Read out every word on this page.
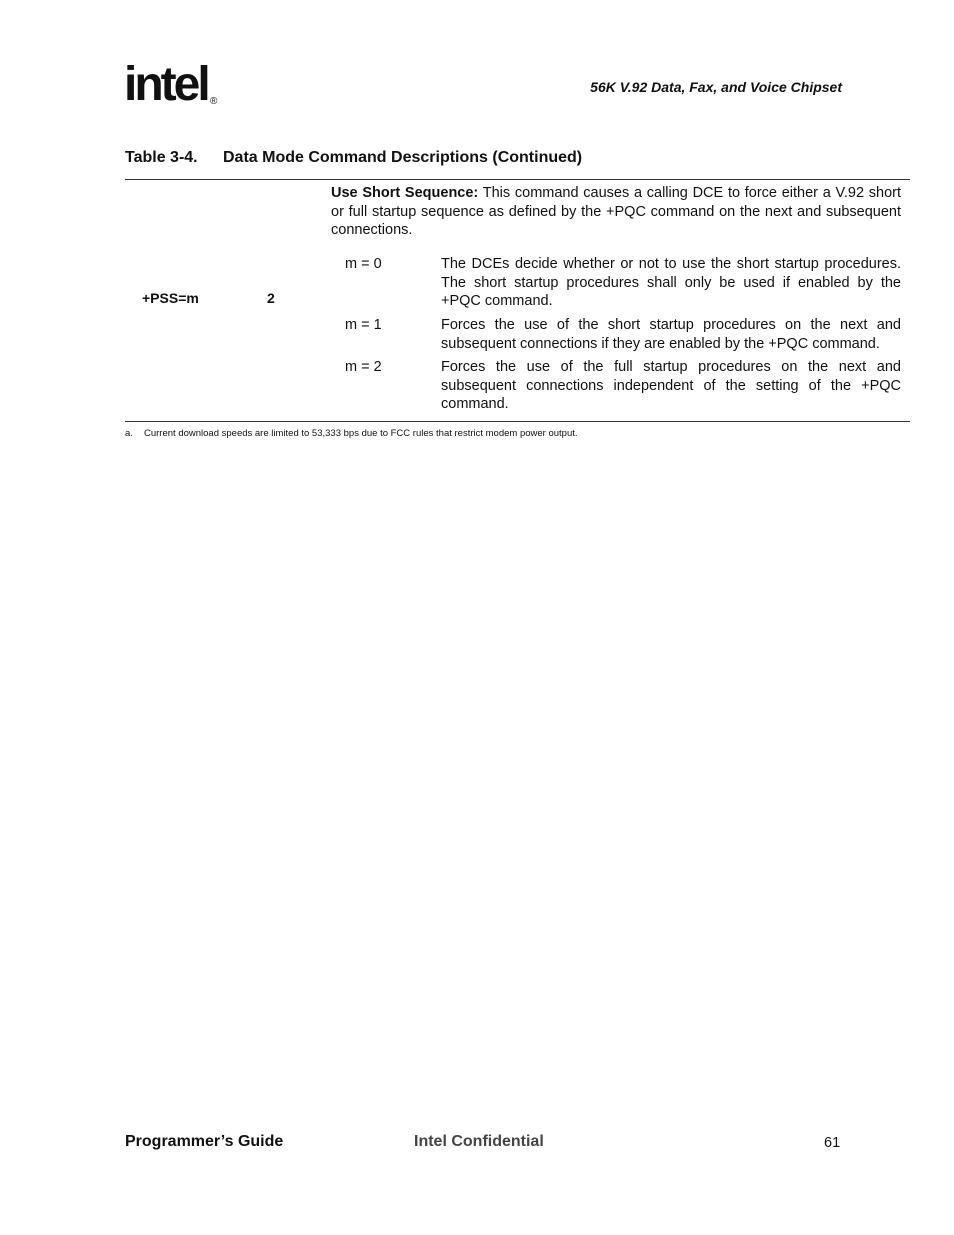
intel ®
56K V.92 Data, Fax, and Voice Chipset
Table 3-4. Data Mode Command Descriptions (Continued)
+PSS=m	2
Use Short Sequence: This command causes a calling DCE to force either a V.92 short or full startup sequence as defined by the +PQC command on the next and subsequent connections.
m = 0	The DCEs decide whether or not to use the short startup procedures. The short startup procedures shall only be used if enabled by the +PQC command.
m = 1	Forces the use of the short startup procedures on the next and subsequent connections if they are enabled by the +PQC command.
m = 2	Forces the use of the full startup procedures on the next and subsequent connections independent of the setting of the +PQC command.
a. Current download speeds are limited to 53,333 bps due to FCC rules that restrict modem power output.
Programmer’s Guide	Intel Confidential	61
